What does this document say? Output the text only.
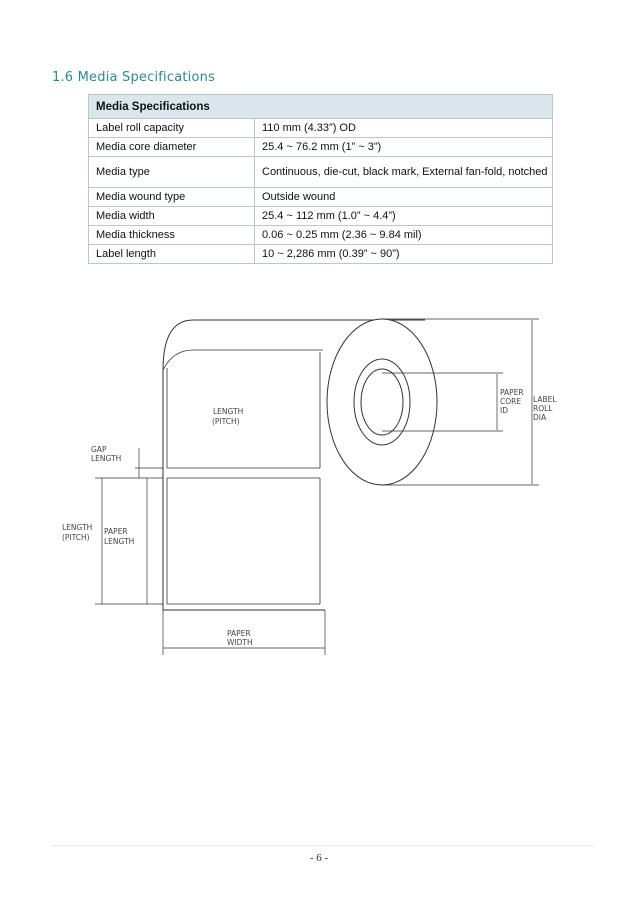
1.6 Media Specifications
Media Specifications	
Label roll capacity	110 mm (4.33”) OD
Media core diameter	25.4 ~ 76.2 mm (1” ~ 3”)
Media type	Continuous, die-cut, black mark, External fan-fold, notched
Media wound type	Outside wound
Media width	25.4 ~ 112 mm (1.0” ~ 4.4”)
Media thickness	0.06 ~ 0.25 mm (2.36 ~ 9.84 mil)
Label length	10 ~ 2,286 mm (0.39” ~ 90”)
LENGTH
(PITCH)
GAP
LENGTH
LENGTH
(PITCH)
PAPER
LENGTH
PAPER
WIDTH
PAPER
CORE
ID
LABEL
ROLL
DIA
- 6 -
